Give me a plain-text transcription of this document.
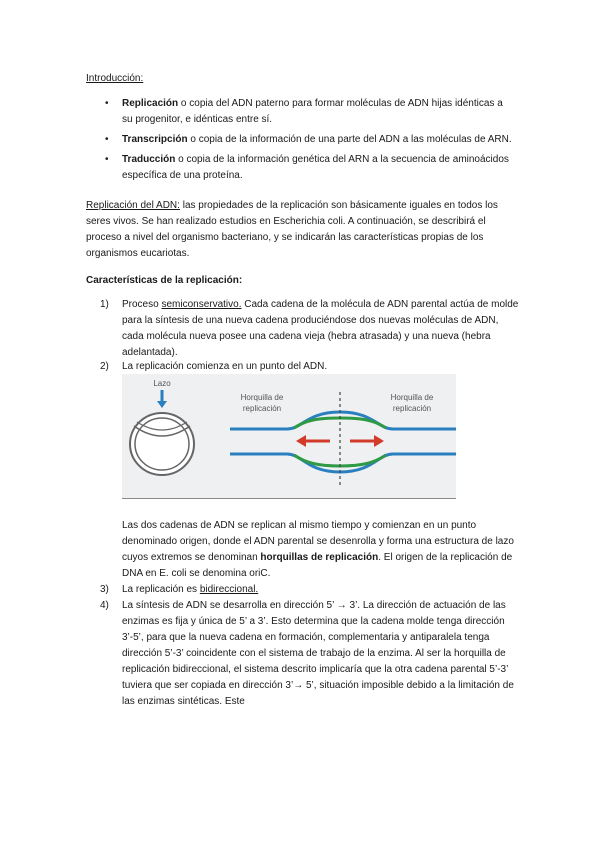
Introducción:
• Replicación o copia del ADN paterno para formar moléculas de ADN hijas idénticas a su progenitor, e idénticas entre sí.
• Transcripción o copia de la información de una parte del ADN a las moléculas de ARN.
• Traducción o copia de la información genética del ARN a la secuencia de aminoácidos específica de una proteína.
Replicación del ADN: las propiedades de la replicación son básicamente iguales en todos los seres vivos. Se han realizado estudios en Escherichia coli. A continuación, se describirá el proceso a nivel del organismo bacteriano, y se indicarán las características propias de los organismos eucariotas.
Características de la replicación:
1) Proceso semiconservativo. Cada cadena de la molécula de ADN parental actúa de molde para la síntesis de una nueva cadena produciéndose dos nuevas moléculas de ADN, cada molécula nueva posee una cadena vieja (hebra atrasada) y una nueva (hebra adelantada).
2) La replicación comienza en un punto del ADN.
Lazo
Horquilla de
replicación
Horquilla de
replicación
Las dos cadenas de ADN se replican al mismo tiempo y comienzan en un punto denominado origen, donde el ADN parental se desenrolla y forma una estructura de lazo cuyos extremos se denominan horquillas de replicación. El origen de la replicación de DNA en E. coli se denomina oriC.
3) La replicación es bidireccional.
4) La síntesis de ADN se desarrolla en dirección 5’ → 3’. La dirección de actuación de las enzimas es fija y única de 5’ a 3’. Esto determina que la cadena molde tenga dirección 3’-5’, para que la nueva cadena en formación, complementaria y antiparalela tenga dirección 5’-3’ coincidente con el sistema de trabajo de la enzima. Al ser la horquilla de replicación bidireccional, el sistema descrito implicaría que la otra cadena parental 5’-3’ tuviera que ser copiada en dirección 3’→ 5’, situación imposible debido a la limitación de las enzimas sintéticas. Este
